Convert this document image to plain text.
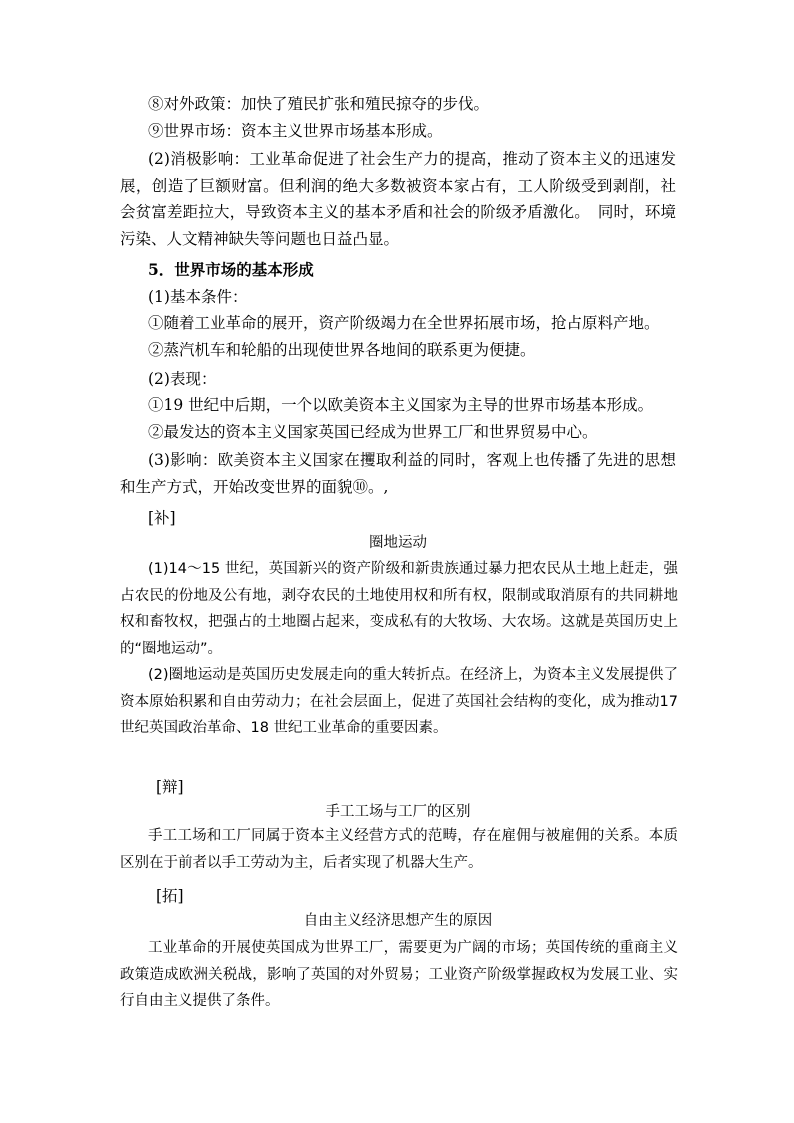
⑧对外政策：加快了殖民扩张和殖民掠夺的步伐。
⑨世界市场：资本主义世界市场基本形成。
(2)消极影响：工业革命促进了社会生产力的提高，推动了资本主义的迅速发展，创造了巨额财富。但利润的绝大多数被资本家占有，工人阶级受到剥削，社会贫富差距拉大，导致资本主义的基本矛盾和社会的阶级矛盾激化。　同时，环境污染、人文精神缺失等问题也日益凸显。
5．世界市场的基本形成
(1)基本条件：
①随着工业革命的展开，资产阶级竭力在全世界拓展市场，抢占原料产地。
②蒸汽机车和轮船的出现使世界各地间的联系更为便捷。
(2)表现：
①19 世纪中后期，一个以欧美资本主义国家为主导的世界市场基本形成。
②最发达的资本主义国家英国已经成为世界工厂和世界贸易中心。
(3)影响：欧美资本主义国家在攫取利益的同时，客观上也传播了先进的思想和生产方式，开始改变世界的面貌⑩。,
[补]
圈地运动
(1)14～15 世纪，英国新兴的资产阶级和新贵族通过暴力把农民从土地上赶走，强占农民的份地及公有地，剥夺农民的土地使用权和所有权，限制或取消原有的共同耕地权和畜牧权，把强占的土地圈占起来，变成私有的大牧场、大农场。这就是英国历史上的“圈地运动”。
(2)圈地运动是英国历史发展走向的重大转折点。在经济上，为资本主义发展提供了资本原始积累和自由劳动力；在社会层面上，促进了英国社会结构的变化，成为推动17 世纪英国政治革命、18 世纪工业革命的重要因素。
[辩]
手工工场与工厂的区别
手工工场和工厂同属于资本主义经营方式的范畴，存在雇佣与被雇佣的关系。本质区别在于前者以手工劳动为主，后者实现了机器大生产。
[拓]
自由主义经济思想产生的原因
工业革命的开展使英国成为世界工厂，需要更为广阔的市场；英国传统的重商主义政策造成欧洲关税战，影响了英国的对外贸易；工业资产阶级掌握政权为发展工业、实行自由主义提供了条件。
